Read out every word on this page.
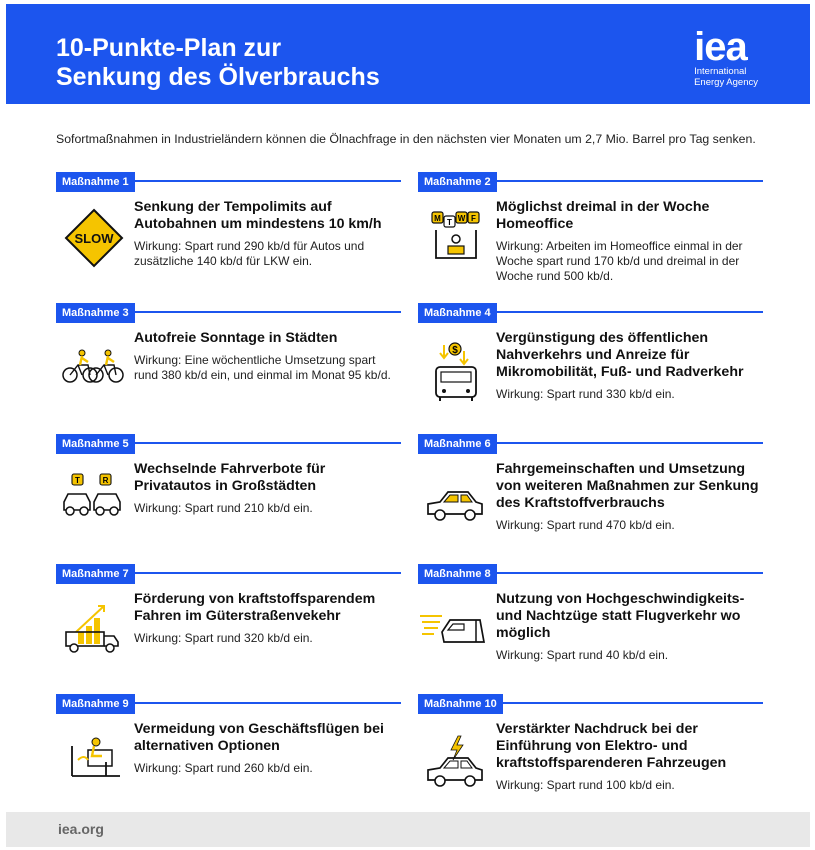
10-Punkte-Plan zur
Senkung des Ölverbrauchs
iea
International
Energy Agency
Sofortmaßnahmen in Industrieländern können die Ölnachfrage in den nächsten vier Monaten um 2,7 Mio. Barrel pro Tag senken.
Maßnahme 1
SLOW
Senkung der Tempolimits auf Autobahnen um mindestens 10 km/h
Wirkung: Spart rund 290 kb/d für Autos und zusätzliche 140 kb/d für LKW ein.
Maßnahme 2
M T W F
Möglichst dreimal in der Woche Homeoffice
Wirkung: Arbeiten im Homeoffice einmal in der Woche spart rund 170 kb/d und dreimal in der Woche rund 500 kb/d.
Maßnahme 3
Autofreie Sonntage in Städten
Wirkung: Eine wöchentliche Umsetzung spart rund 380 kb/d ein, und einmal im Monat 95 kb/d.
Maßnahme 4
$
Vergünstigung des öffentlichen Nahverkehrs und Anreize für Mikromobilität, Fuß- und Radverkehr
Wirkung: Spart rund 330 kb/d ein.
Maßnahme 5
T	R
Wechselnde Fahrverbote für Privatautos in Großstädten
Wirkung: Spart rund 210 kb/d ein.
Maßnahme 6
Fahrgemeinschaften und Umsetzung von weiteren Maßnahmen zur Senkung des Kraftstoffverbrauchs
Wirkung: Spart rund 470 kb/d ein.
Maßnahme 7
Förderung von kraftstoffsparendem Fahren im Güterstraßenvekehr
Wirkung: Spart rund 320 kb/d ein.
Maßnahme 8
Nutzung von Hochgeschwindigkeits- und Nachtzüge statt Flugverkehr wo möglich
Wirkung: Spart rund 40 kb/d ein.
Maßnahme 9
Vermeidung von Geschäftsflügen bei alternativen Optionen
Wirkung: Spart rund 260 kb/d ein.
Maßnahme 10
Verstärkter Nachdruck bei der Einführung von Elektro- und kraftstoffsparenderen Fahrzeugen
Wirkung: Spart rund 100 kb/d ein.
iea.org
